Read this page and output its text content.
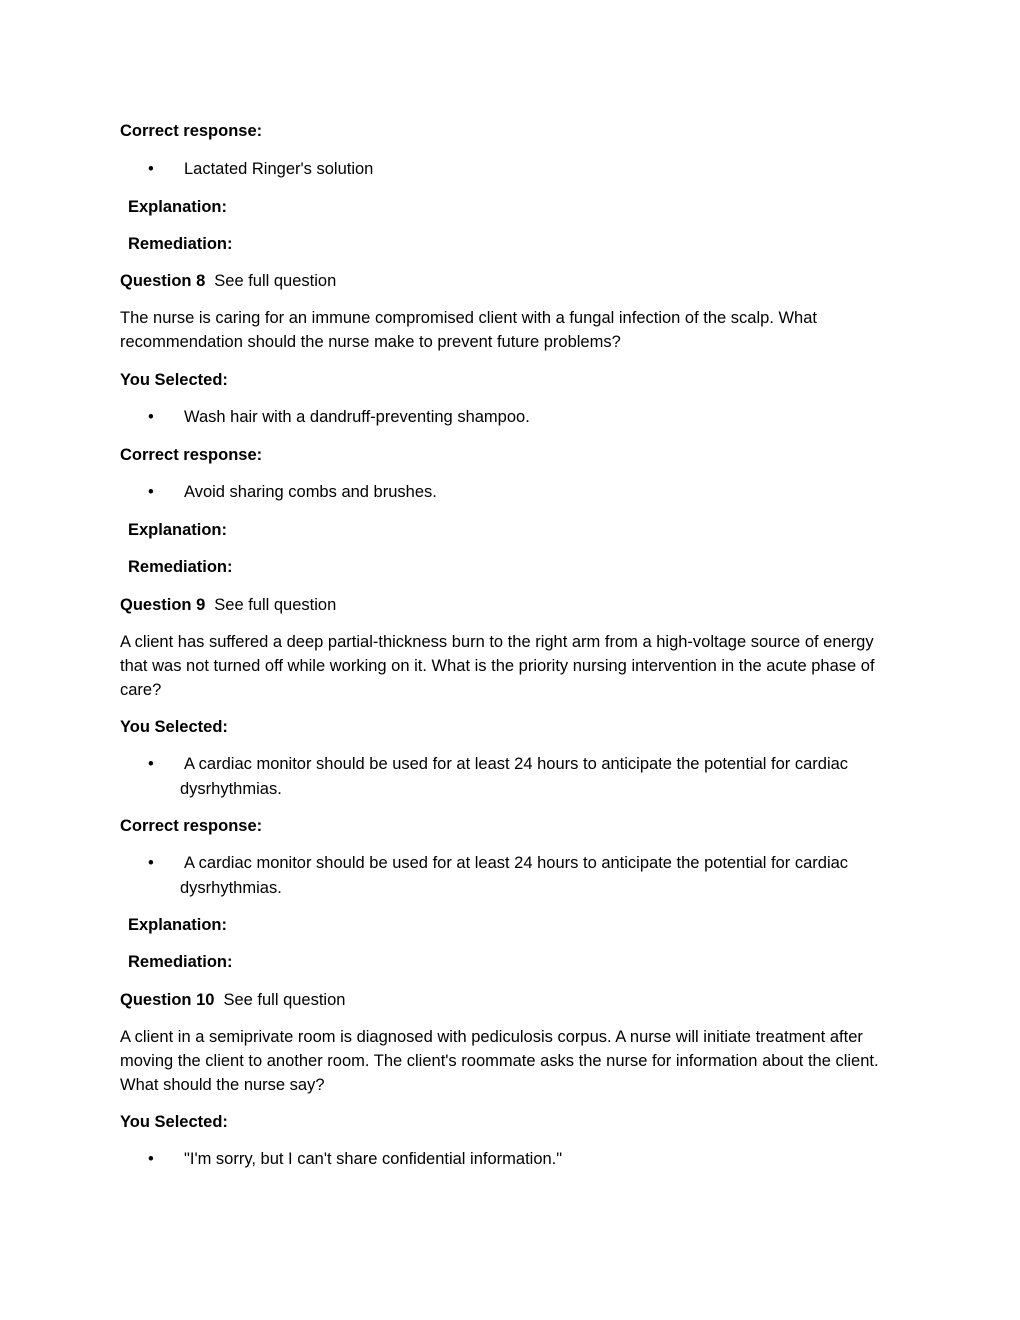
Correct response:
• Lactated Ringer's solution
Explanation:
Remediation:
Question 8 See full question
The nurse is caring for an immune compromised client with a fungal infection of the scalp. What recommendation should the nurse make to prevent future problems?
You Selected:
• Wash hair with a dandruff-preventing shampoo.
Correct response:
• Avoid sharing combs and brushes.
Explanation:
Remediation:
Question 9 See full question
A client has suffered a deep partial-thickness burn to the right arm from a high-voltage source of energy that was not turned off while working on it. What is the priority nursing intervention in the acute phase of care?
You Selected:
• A cardiac monitor should be used for at least 24 hours to anticipate the potential for cardiac dysrhythmias.
Correct response:
• A cardiac monitor should be used for at least 24 hours to anticipate the potential for cardiac dysrhythmias.
Explanation:
Remediation:
Question 10 See full question
A client in a semiprivate room is diagnosed with pediculosis corpus. A nurse will initiate treatment after moving the client to another room. The client's roommate asks the nurse for information about the client. What should the nurse say?
You Selected:
• "I'm sorry, but I can't share confidential information."
